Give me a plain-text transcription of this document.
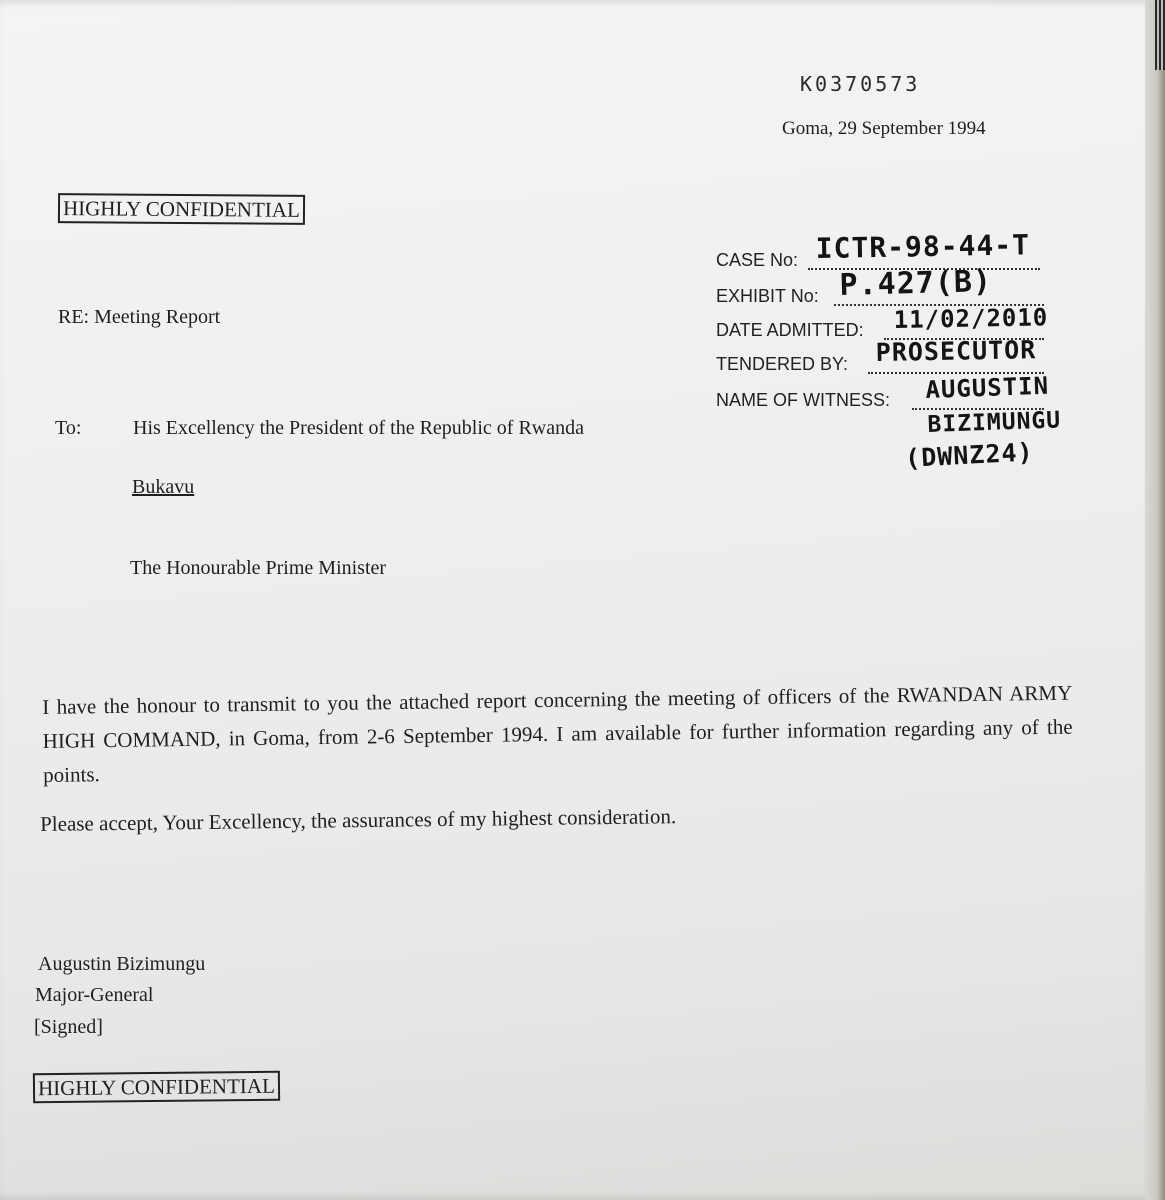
K0370573
Goma, 29 September 1994
HIGHLY CONFIDENTIAL
RE: Meeting Report
To:	His Excellency the President of the Republic of Rwanda
Bukavu
The Honourable Prime Minister
I have the honour to transmit to you the attached report concerning the meeting of officers of the RWANDAN ARMY HIGH COMMAND, in Goma, from 2-6 September 1994. I am available for further information regarding any of the points.
Please accept, Your Excellency, the assurances of my highest consideration.
Augustin Bizimungu
Major-General
[Signed]
HIGHLY CONFIDENTIAL
CASE No: ICTR-98-44-T
EXHIBIT No: P.427(B)
DATE ADMITTED: 11/02/2010
TENDERED BY: PROSECUTOR
NAME OF WITNESS: AUGUSTIN
BIZIMUNGU
(DWNZ24)
